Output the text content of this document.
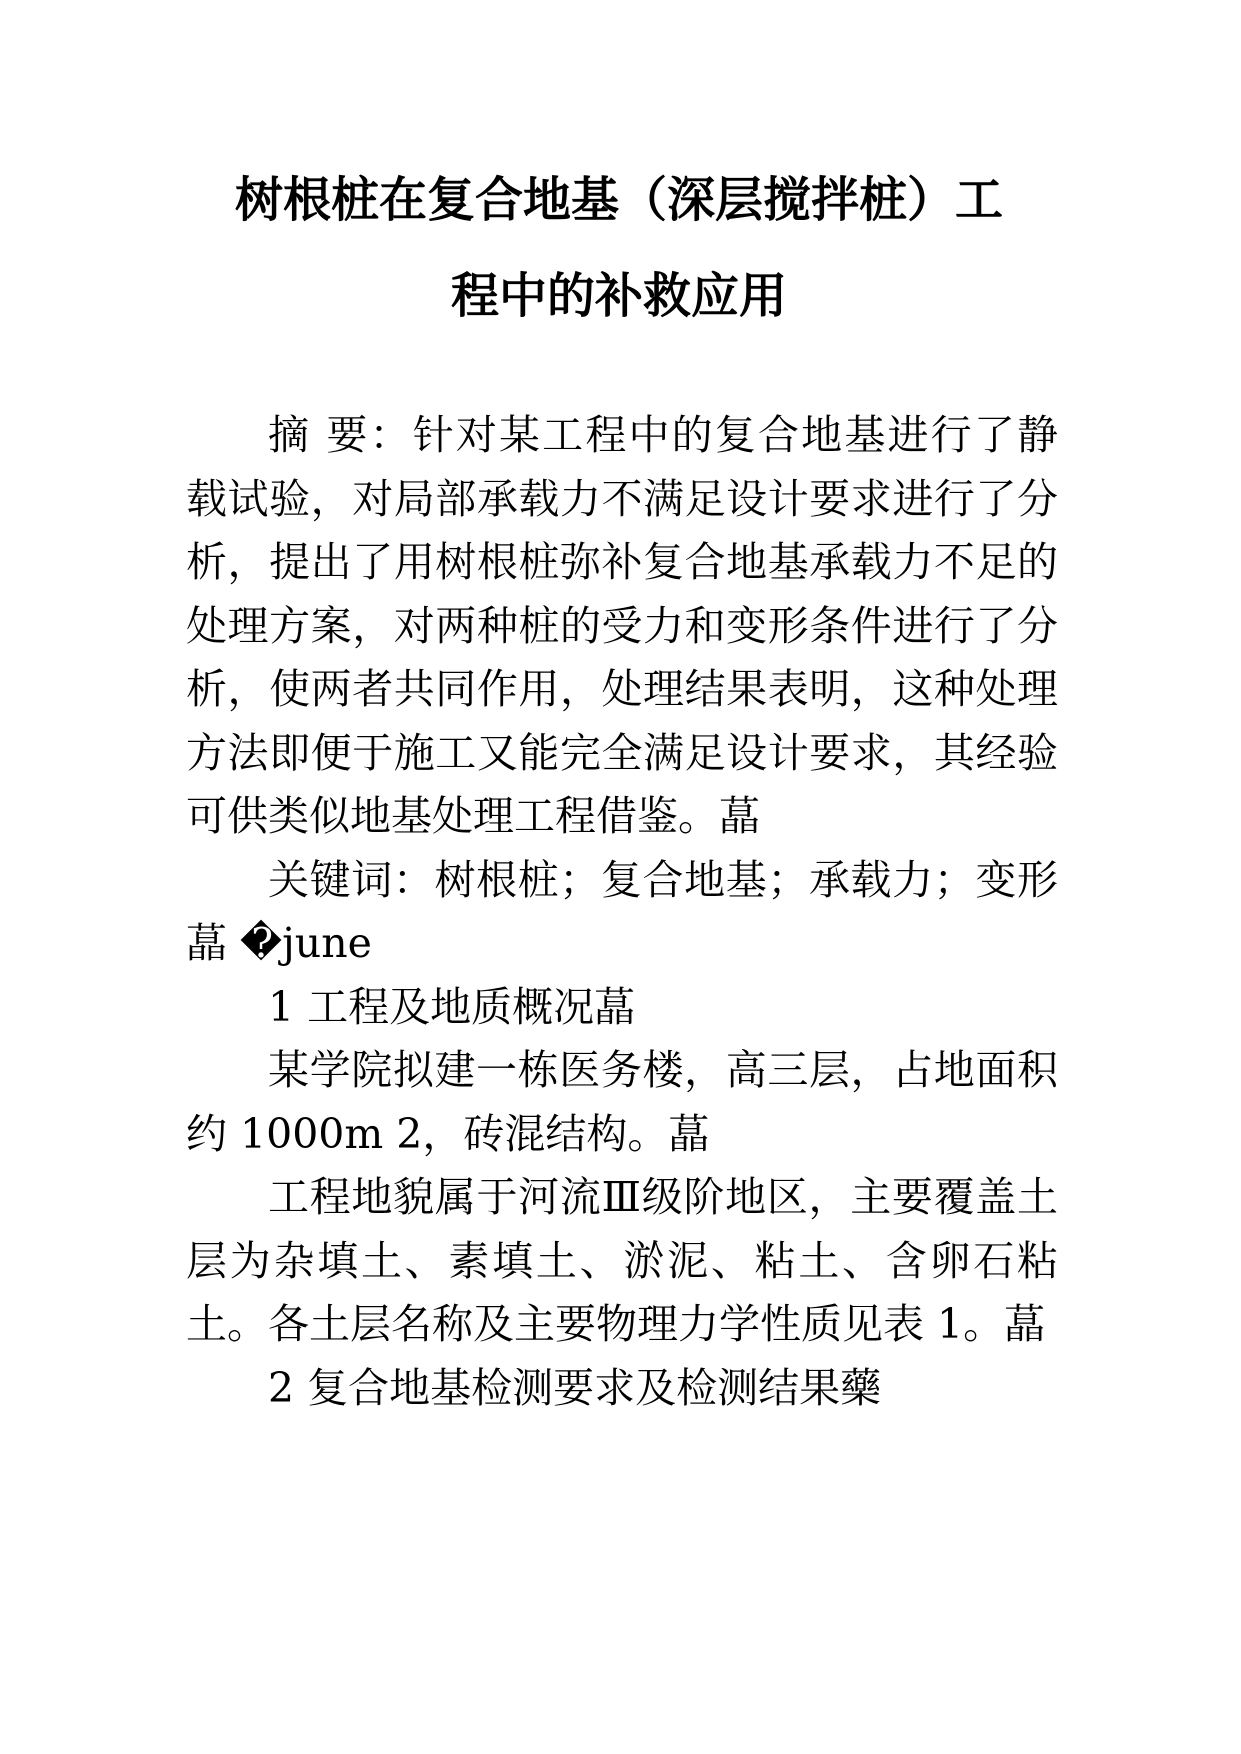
树根桩在复合地基（深层搅拌桩）工
程中的补救应用

摘 要：针对某工程中的复合地基进行了静载试验，对局部承载力不满足设计要求进行了分析，提出了用树根桩弥补复合地基承载力不足的处理方案，对两种桩的受力和变形条件进行了分析，使两者共同作用，处理结果表明，这种处理方法即便于施工又能完全满足设计要求，其经验可供类似地基处理工程借鉴。蕌

关键词：树根桩；复合地基；承载力；变形蕌 �june

1 工程及地质概况蕌

某学院拟建一栋医务楼，高三层，占地面积约 1000m 2，砖混结构。蕌

工程地貌属于河流Ⅲ级阶地区，主要覆盖土层为杂填土、素填土、淤泥、粘土、含卵石粘土。各土层名称及主要物理力学性质见表 1。蕌

2 复合地基检测要求及检测结果藥
